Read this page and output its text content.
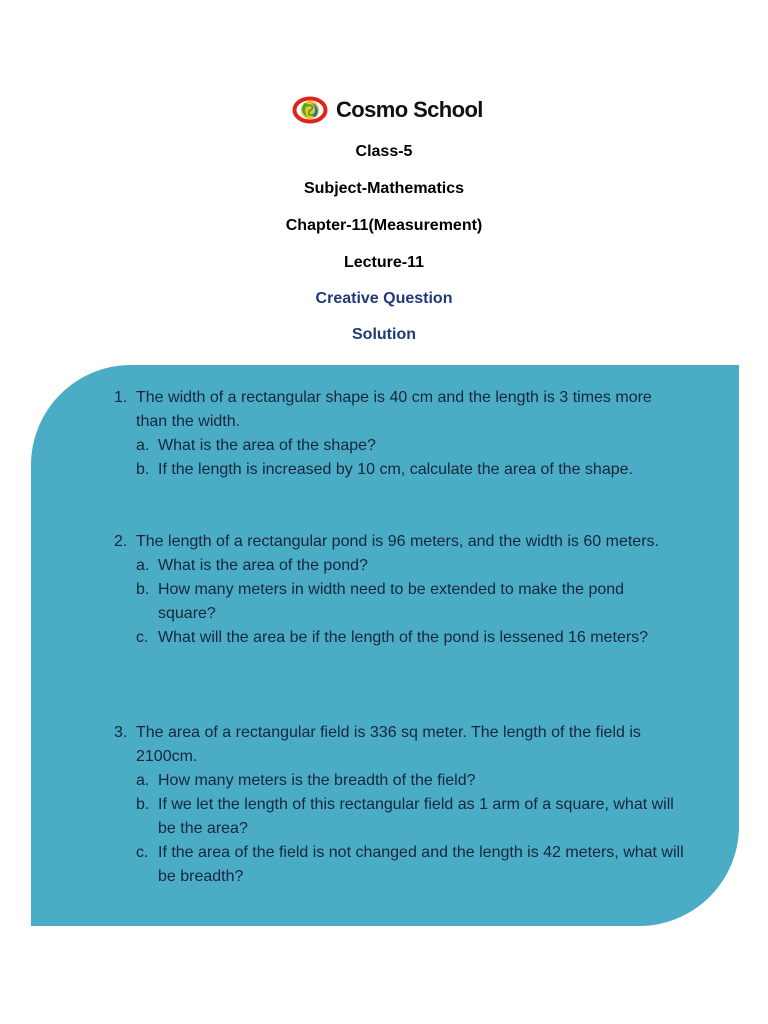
Cosmo School
Class-5
Subject-Mathematics
Chapter-11(Measurement)
Lecture-11
Creative Question
Solution
1. The width of a rectangular shape is 40 cm and the length is 3 times more than the width.
a. What is the area of the shape?
b. If the length is increased by 10 cm, calculate the area of the shape.
2. The length of a rectangular pond is 96 meters, and the width is 60 meters.
a. What is the area of the pond?
b. How many meters in width need to be extended to make the pond square?
c. What will the area be if the length of the pond is lessened 16 meters?
3. The area of a rectangular field is 336 sq meter. The length of the field is 2100cm.
a. How many meters is the breadth of the field?
b. If we let the length of this rectangular field as 1 arm of a square, what will be the area?
c. If the area of the field is not changed and the length is 42 meters, what will be breadth?
